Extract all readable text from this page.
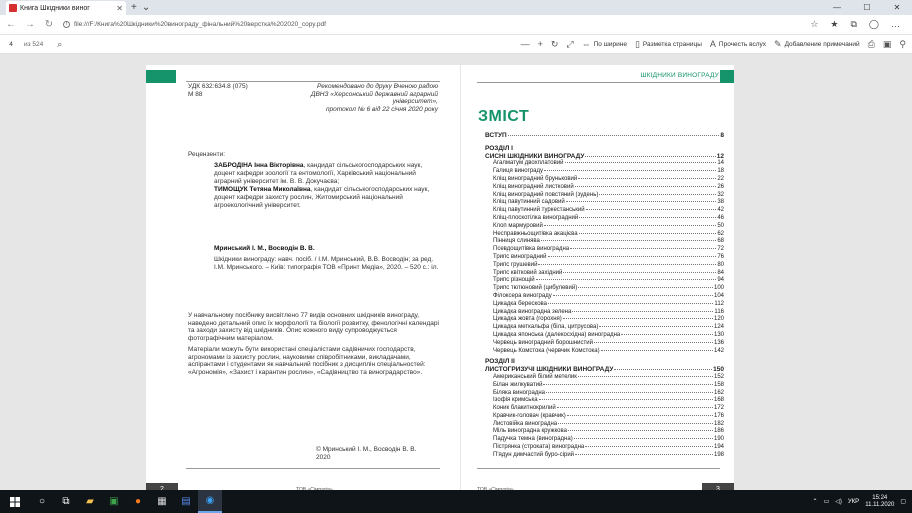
Книга Шкідники виног	✕ + ⌄	—	☐	✕
← → ↻	i	file:///F:/Книга%20Шкідники%20винограду_фінальний%20верстка%202020_copy.pdf	☆ ★ ⧉ ◯ …
4	из 524 ⌕	— + ↻ ⤢ ⇔ По ширине ▯ Разметка страницы A Прочесть вслух ✎ Добавление примечаний ⎙ ▣ ⚲
УДК 632:634.8 (075)
М 88
Рекомендовано до друку Вченою радою
ДВНЗ «Херсонський державний аграрний університет»,
протокол № 6 від 22 січня 2020 року
Рецензенти:
ЗАБРОДІНА Інна Вікторівна, кандидат сільськогосподарських наук, доцент кафедри зоології та ентомології, Харківський національний аграрний університет ім. В. В. Докучаєва;
ТИМОЩУК Тетяна Миколаївна, кандидат сільськогосподарських наук, доцент кафедри захисту рослин, Житомирський національний агроекологічний університет.
Мринський І. М., Восводін В. В.
Шкідники винограду: навч. посіб. / І.М. Мринський, В.В. Восводін; за ред. І.М. Мринського. – Київ: типографія ТОВ «Принт Медіа», 2020. – 520 с.: іл.

У навчальному посібнику висвітлено 77 видів основних шкідників винограду, наведено детальний опис їх морфології та біології розвитку, фенологічні календарі та заходи захисту від шкідників. Опис кожного виду супроводжується фотографічним матеріалом.

Матеріали можуть бути використані спеціалістами садівничих господарств, агрономами із захисту рослин, науковими співробітниками, викладачами, аспірантами і студентами як навчальний посібник з дисциплін спеціальностей: «Агрономія», «Захист і карантин рослин», «Садівництво та виноградарство».

© Мринський І. М., Восводін В. В.
2020
ШКІДНИКИ ВИНОГРАДУ
ЗМІСТ
ВСТУП	8
РОЗДІЛ І
СИСНІ ШКІДНИКИ ВИНОГРАДУ	12
Агалматум двохплатовий	14
Галиця винограду	18
Кліщ виноградний бруньковий	22
Кліщ виноградний листковий	26
Кліщ виноградний повстяний (зудень)	32
Кліщ павутинний садовий	38
Кліщ павутинний туркестанський	42
Кліщ-плоскотілка виноградний	46
Клоп мармуровий	50
Несправжньощитівка акацієва	62
Пінниця слинява	68
Псевдощитівка виноградна	72
Трипс виноградний	76
Трипс грушевий	80
Трипс квітковий західний	84
Трипс різнощій	94
Трипс тютюновий (цибулевий)	100
Філоксера винограду	104
Цикадка берескова	112
Цикадка виноградна зелена	116
Цикадка жовта (горохня)	120
Цикадка меткальфа (біла, цитрусова)	124
Цикадка японська (далекосхідна) виноградна	130
Червець виноградний борошнистий	136
Червець Комстока (червчик Комстока)	142
РОЗДІЛ ІІ
ЛИСТОГРИЗУЧІ ШКІДНИКИ ВИНОГРАДУ	150
Американський білий метелик	152
Білан жилкуватий	158
Біляка виноградна	162
Ізофія кримська	168
Коник блакитнокрилий	172
Кравчик-головач (кравчик)	176
Листовійка виноградна	182
Міль виноградна кружкова	186
Падучка темна (виноградна)	190
Пістрянка (строката) виноградна	194
П'ядун димчастий буро-сірий	198
○	⧉	▰	▣	●	▦	▤	◉	⌃ ▭ ◁) УКР
15:24
11.11.2020 ▢
